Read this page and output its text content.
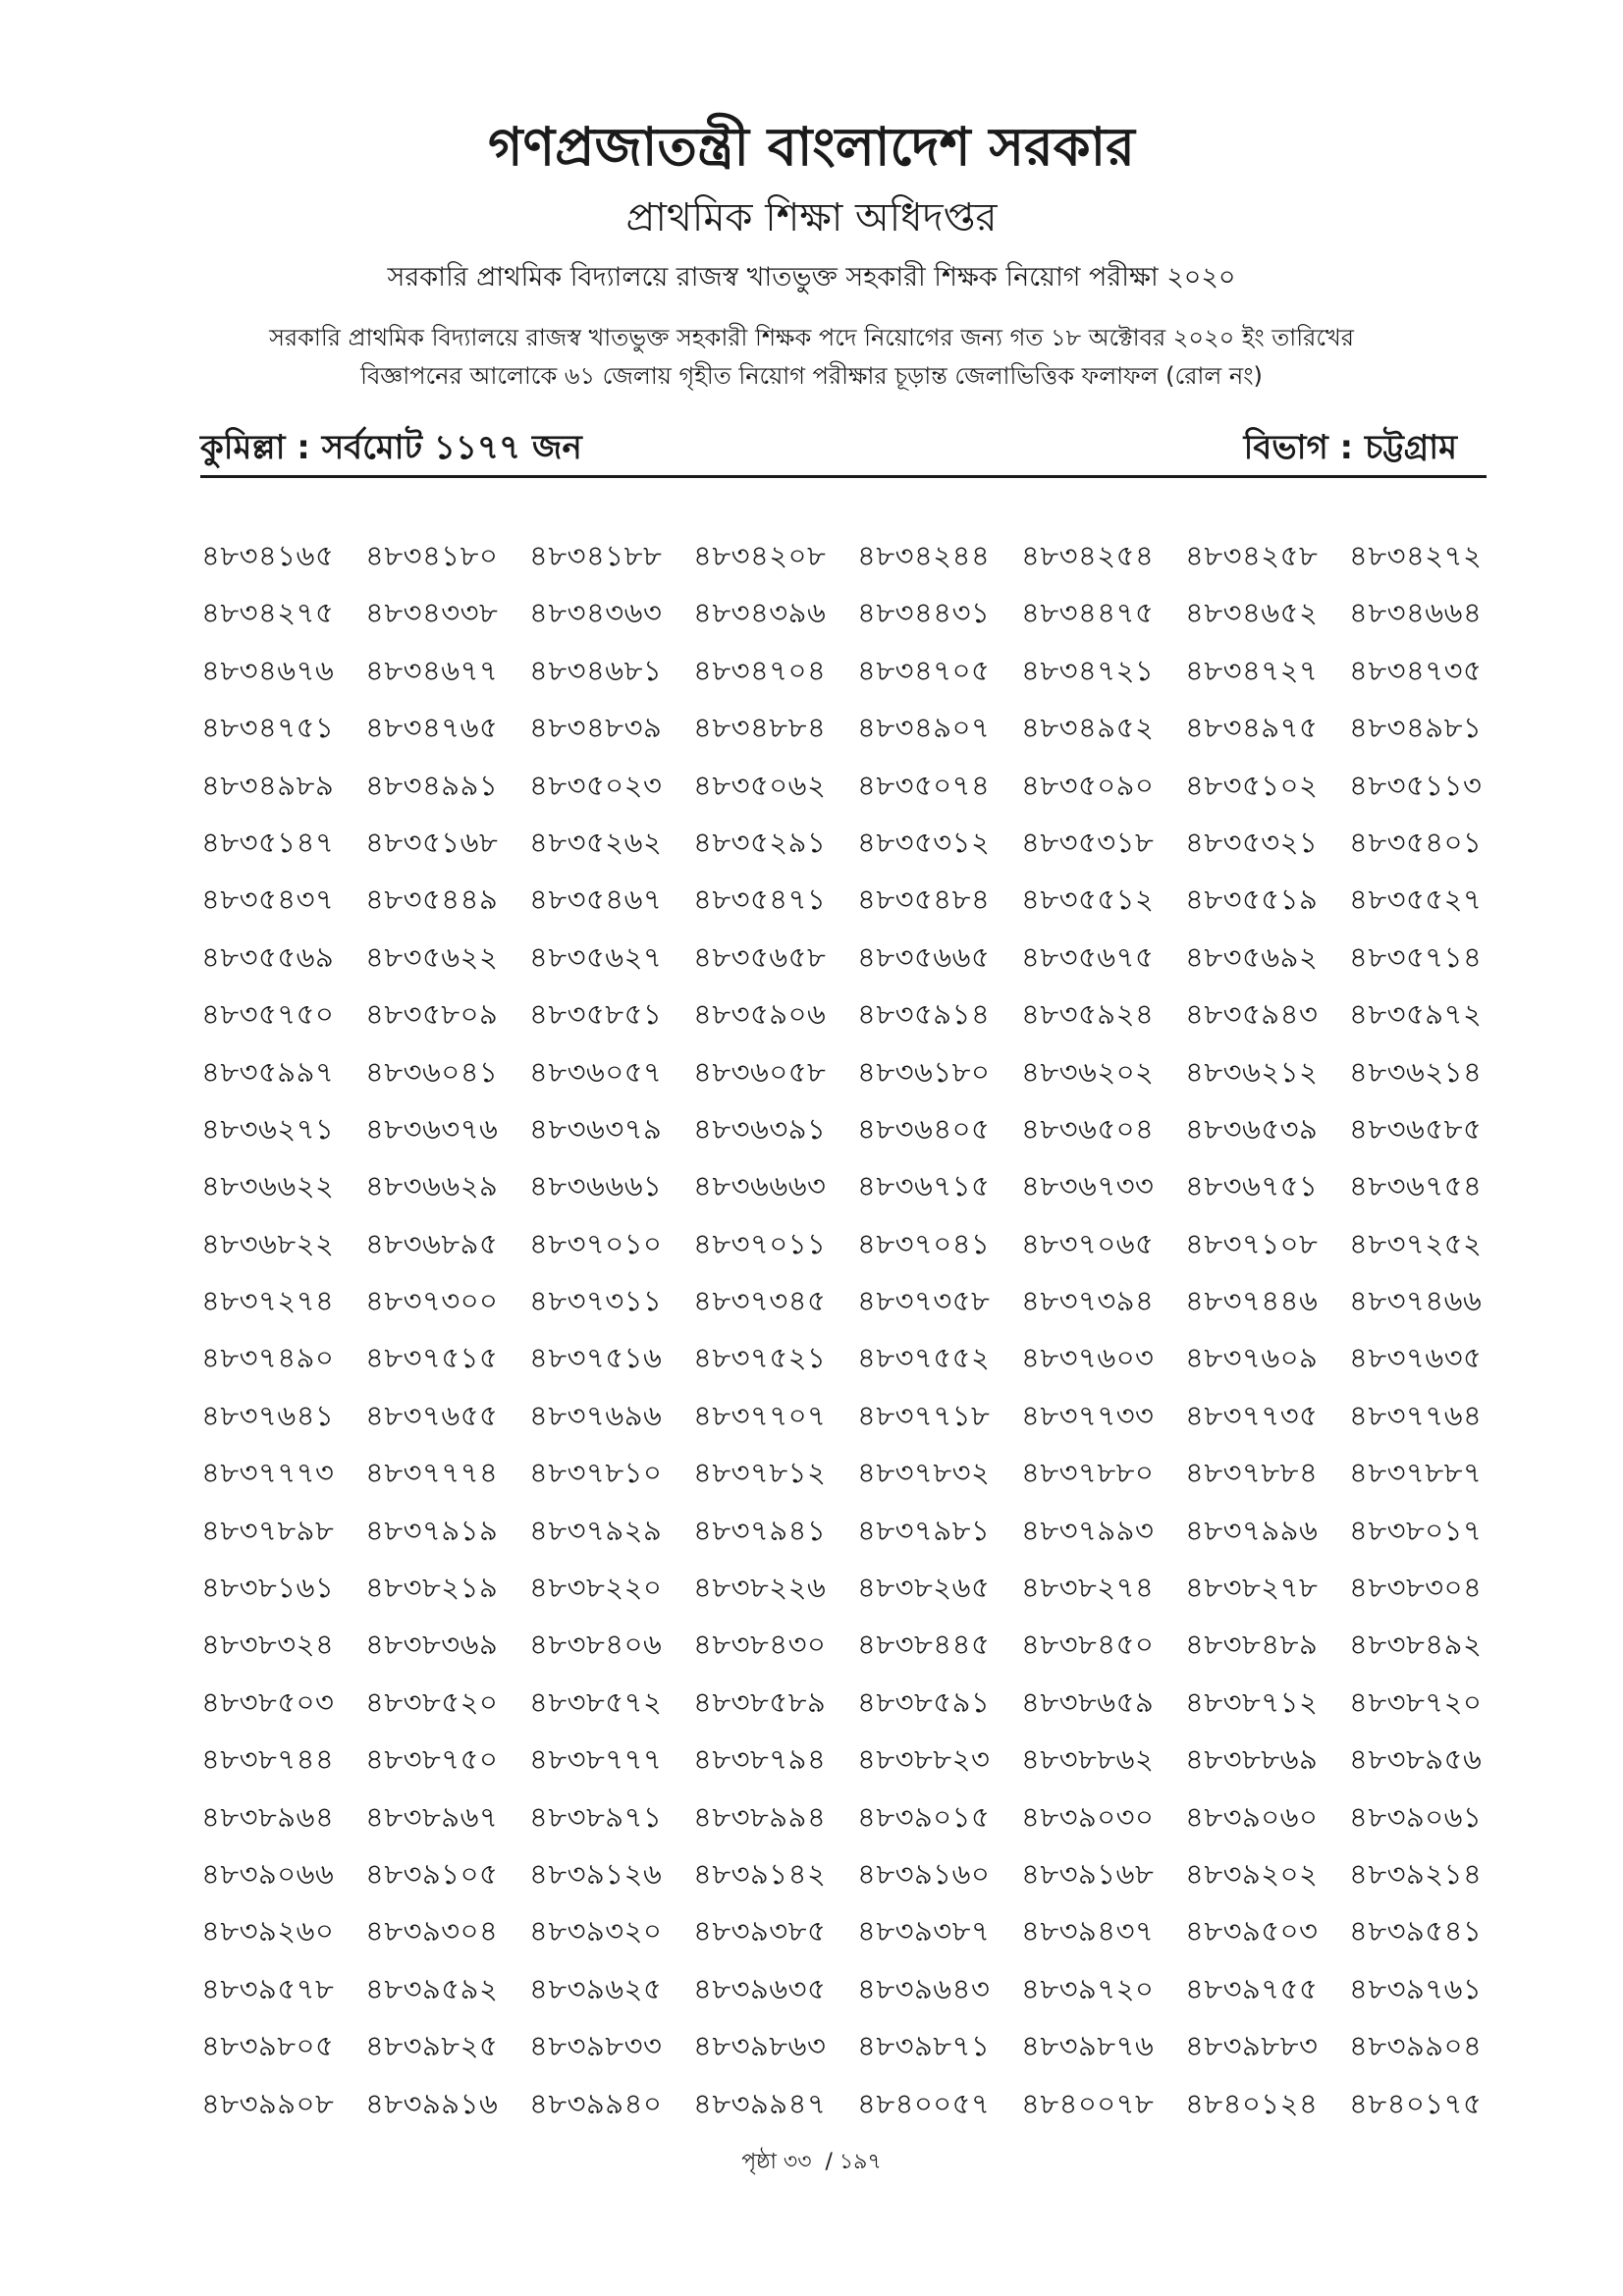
গণপ্রজাতন্ত্রী বাংলাদেশ সরকার
প্রাথমিক শিক্ষা অধিদপ্তর
সরকারি প্রাথমিক বিদ্যালয়ে রাজস্ব খাতভুক্ত সহকারী শিক্ষক নিয়োগ পরীক্ষা ২০২০
সরকারি প্রাথমিক বিদ্যালয়ে রাজস্ব খাতভুক্ত সহকারী শিক্ষক পদে নিয়োগের জন্য গত ১৮ অক্টোবর ২০২০ ইং তারিখের
বিজ্ঞাপনের আলোকে ৬১ জেলায় গৃহীত নিয়োগ পরীক্ষার চূড়ান্ত জেলাভিত্তিক ফলাফল (রোল নং)
কুমিল্লা : সর্বমোট ১১৭৭ জন	বিভাগ : চট্টগ্রাম
৪৮৩৪১৬৫	৪৮৩৪১৮০	৪৮৩৪১৮৮	৪৮৩৪২০৮	৪৮৩৪২৪৪	৪৮৩৪২৫৪	৪৮৩৪২৫৮	৪৮৩৪২৭২
৪৮৩৪২৭৫	৪৮৩৪৩৩৮	৪৮৩৪৩৬৩	৪৮৩৪৩৯৬	৪৮৩৪৪৩১	৪৮৩৪৪৭৫	৪৮৩৪৬৫২	৪৮৩৪৬৬৪
৪৮৩৪৬৭৬	৪৮৩৪৬৭৭	৪৮৩৪৬৮১	৪৮৩৪৭০৪	৪৮৩৪৭০৫	৪৮৩৪৭২১	৪৮৩৪৭২৭	৪৮৩৪৭৩৫
৪৮৩৪৭৫১	৪৮৩৪৭৬৫	৪৮৩৪৮৩৯	৪৮৩৪৮৮৪	৪৮৩৪৯০৭	৪৮৩৪৯৫২	৪৮৩৪৯৭৫	৪৮৩৪৯৮১
৪৮৩৪৯৮৯	৪৮৩৪৯৯১	৪৮৩৫০২৩	৪৮৩৫০৬২	৪৮৩৫০৭৪	৪৮৩৫০৯০	৪৮৩৫১০২	৪৮৩৫১১৩
৪৮৩৫১৪৭	৪৮৩৫১৬৮	৪৮৩৫২৬২	৪৮৩৫২৯১	৪৮৩৫৩১২	৪৮৩৫৩১৮	৪৮৩৫৩২১	৪৮৩৫৪০১
৪৮৩৫৪৩৭	৪৮৩৫৪৪৯	৪৮৩৫৪৬৭	৪৮৩৫৪৭১	৪৮৩৫৪৮৪	৪৮৩৫৫১২	৪৮৩৫৫১৯	৪৮৩৫৫২৭
৪৮৩৫৫৬৯	৪৮৩৫৬২২	৪৮৩৫৬২৭	৪৮৩৫৬৫৮	৪৮৩৫৬৬৫	৪৮৩৫৬৭৫	৪৮৩৫৬৯২	৪৮৩৫৭১৪
৪৮৩৫৭৫০	৪৮৩৫৮০৯	৪৮৩৫৮৫১	৪৮৩৫৯০৬	৪৮৩৫৯১৪	৪৮৩৫৯২৪	৪৮৩৫৯৪৩	৪৮৩৫৯৭২
৪৮৩৫৯৯৭	৪৮৩৬০৪১	৪৮৩৬০৫৭	৪৮৩৬০৫৮	৪৮৩৬১৮০	৪৮৩৬২০২	৪৮৩৬২১২	৪৮৩৬২১৪
৪৮৩৬২৭১	৪৮৩৬৩৭৬	৪৮৩৬৩৭৯	৪৮৩৬৩৯১	৪৮৩৬৪০৫	৪৮৩৬৫০৪	৪৮৩৬৫৩৯	৪৮৩৬৫৮৫
৪৮৩৬৬২২	৪৮৩৬৬২৯	৪৮৩৬৬৬১	৪৮৩৬৬৬৩	৪৮৩৬৭১৫	৪৮৩৬৭৩৩	৪৮৩৬৭৫১	৪৮৩৬৭৫৪
৪৮৩৬৮২২	৪৮৩৬৮৯৫	৪৮৩৭০১০	৪৮৩৭০১১	৪৮৩৭০৪১	৪৮৩৭০৬৫	৪৮৩৭১০৮	৪৮৩৭২৫২
৪৮৩৭২৭৪	৪৮৩৭৩০০	৪৮৩৭৩১১	৪৮৩৭৩৪৫	৪৮৩৭৩৫৮	৪৮৩৭৩৯৪	৪৮৩৭৪৪৬	৪৮৩৭৪৬৬
৪৮৩৭৪৯০	৪৮৩৭৫১৫	৪৮৩৭৫১৬	৪৮৩৭৫২১	৪৮৩৭৫৫২	৪৮৩৭৬০৩	৪৮৩৭৬০৯	৪৮৩৭৬৩৫
৪৮৩৭৬৪১	৪৮৩৭৬৫৫	৪৮৩৭৬৯৬	৪৮৩৭৭০৭	৪৮৩৭৭১৮	৪৮৩৭৭৩৩	৪৮৩৭৭৩৫	৪৮৩৭৭৬৪
৪৮৩৭৭৭৩	৪৮৩৭৭৭৪	৪৮৩৭৮১০	৪৮৩৭৮১২	৪৮৩৭৮৩২	৪৮৩৭৮৮০	৪৮৩৭৮৮৪	৪৮৩৭৮৮৭
৪৮৩৭৮৯৮	৪৮৩৭৯১৯	৪৮৩৭৯২৯	৪৮৩৭৯৪১	৪৮৩৭৯৮১	৪৮৩৭৯৯৩	৪৮৩৭৯৯৬	৪৮৩৮০১৭
৪৮৩৮১৬১	৪৮৩৮২১৯	৪৮৩৮২২০	৪৮৩৮২২৬	৪৮৩৮২৬৫	৪৮৩৮২৭৪	৪৮৩৮২৭৮	৪৮৩৮৩০৪
৪৮৩৮৩২৪	৪৮৩৮৩৬৯	৪৮৩৮৪০৬	৪৮৩৮৪৩০	৪৮৩৮৪৪৫	৪৮৩৮৪৫০	৪৮৩৮৪৮৯	৪৮৩৮৪৯২
৪৮৩৮৫০৩	৪৮৩৮৫২০	৪৮৩৮৫৭২	৪৮৩৮৫৮৯	৪৮৩৮৫৯১	৪৮৩৮৬৫৯	৪৮৩৮৭১২	৪৮৩৮৭২০
৪৮৩৮৭৪৪	৪৮৩৮৭৫০	৪৮৩৮৭৭৭	৪৮৩৮৭৯৪	৪৮৩৮৮২৩	৪৮৩৮৮৬২	৪৮৩৮৮৬৯	৪৮৩৮৯৫৬
৪৮৩৮৯৬৪	৪৮৩৮৯৬৭	৪৮৩৮৯৭১	৪৮৩৮৯৯৪	৪৮৩৯০১৫	৪৮৩৯০৩০	৪৮৩৯০৬০	৪৮৩৯০৬১
৪৮৩৯০৬৬	৪৮৩৯১০৫	৪৮৩৯১২৬	৪৮৩৯১৪২	৪৮৩৯১৬০	৪৮৩৯১৬৮	৪৮৩৯২০২	৪৮৩৯২১৪
৪৮৩৯২৬০	৪৮৩৯৩০৪	৪৮৩৯৩২০	৪৮৩৯৩৮৫	৪৮৩৯৩৮৭	৪৮৩৯৪৩৭	৪৮৩৯৫০৩	৪৮৩৯৫৪১
৪৮৩৯৫৭৮	৪৮৩৯৫৯২	৪৮৩৯৬২৫	৪৮৩৯৬৩৫	৪৮৩৯৬৪৩	৪৮৩৯৭২০	৪৮৩৯৭৫৫	৪৮৩৯৭৬১
৪৮৩৯৮০৫	৪৮৩৯৮২৫	৪৮৩৯৮৩৩	৪৮৩৯৮৬৩	৪৮৩৯৮৭১	৪৮৩৯৮৭৬	৪৮৩৯৮৮৩	৪৮৩৯৯০৪
৪৮৩৯৯০৮	৪৮৩৯৯১৬	৪৮৩৯৯৪০	৪৮৩৯৯৪৭	৪৮৪০০৫৭	৪৮৪০০৭৮	৪৮৪০১২৪	৪৮৪০১৭৫
পৃষ্ঠা ৩৩  / ১৯৭
